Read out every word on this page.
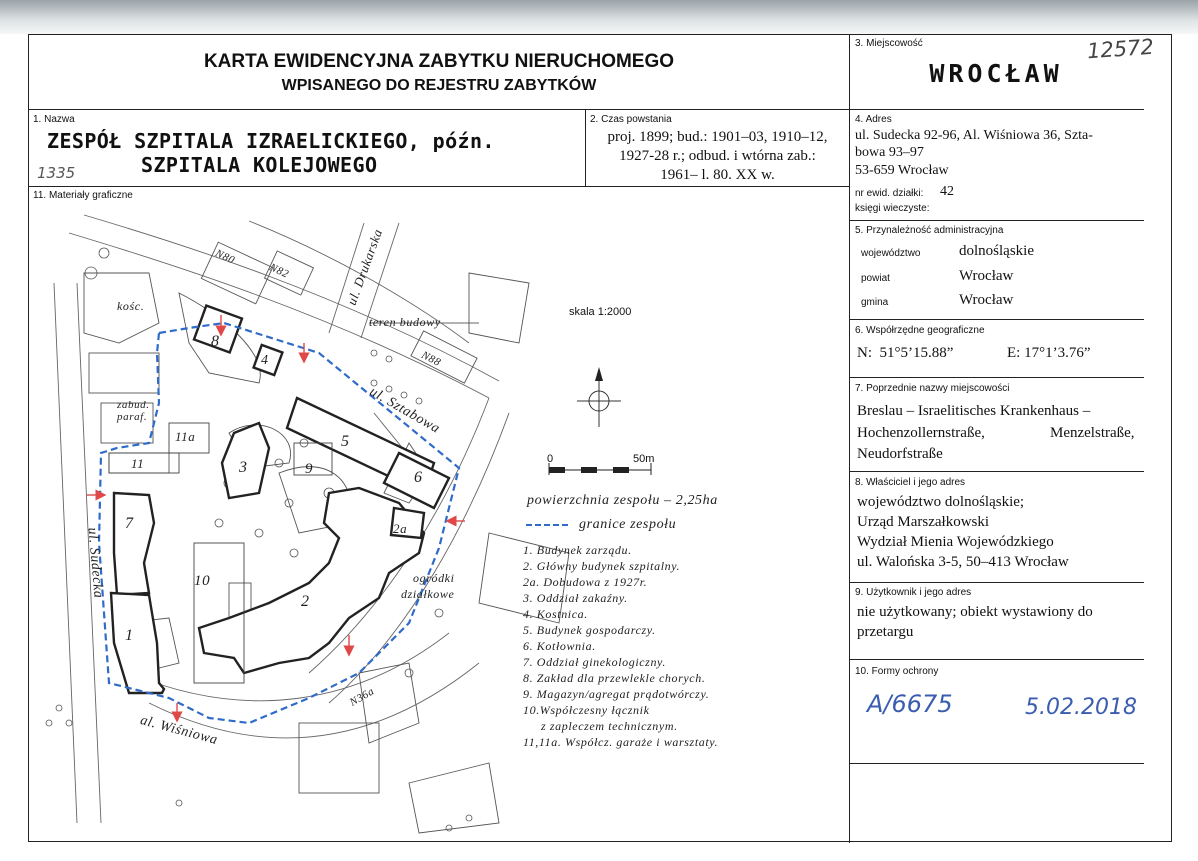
KARTA EWIDENCYJNA ZABYTKU NIERUCHOMEGO
WPISANEGO DO REJESTRU ZABYTKÓW
3. Miejscowość	12572
WROCŁAW
1. Nazwa
ZESPÓŁ SZPITALA IZRAELICKIEGO, późn.
SZPITALA KOLEJOWEGO
1335
2. Czas powstania
proj. 1899; bud.: 1901–03, 1910–12,
1927-28 r.; odbud. i wtórna zab.:
1961– l. 80. XX w.
4. Adres
ul. Sudecka 92-96, Al. Wiśniowa 36, Szta-
bowa 93–97
53-659 Wrocław
nr ewid. działki: 42
księgi wieczyste:
11. Materiały graficzne
5. Przynależność administracyjna
województwo	dolnośląskie
powiat	Wrocław
gmina	Wrocław
6. Współrzędne geograficzne
N:  51°5’15.88”	E: 17°1’3.76”
7. Poprzednie nazwy miejscowości
Breslau – Israelitisches Krankenhaus –
Hochenzollernstraße,	Menzelstraße,
Neudorfstraße
8. Właściciel i jego adres
województwo dolnośląskie;
Urząd Marszałkowski
Wydział Mienia Wojewódzkiego
ul. Walońska 3-5, 50–413 Wrocław
9. Użytkownik i jego adres
nie użytkowany; obiekt wystawiony do
przetargu
10. Formy ochrony
A/6675	5.02.2018
kośc.
zabud.
paraf.
N80
N82
N88
N36a
ul. Drukarska
ul. Sztabowa
ul. Sudecka
al. Wiśniowa
teren budowy
ogródki
działkowe
8
4
5
6
3	9
7
1
2
2a
10
11
11a
skala 1:2000
0	50m
powierzchnia zespołu – 2,25ha
granice zespołu
1. Budynek zarządu.
2. Główny budynek szpitalny.
2a. Dobudowa z 1927r.
3. Oddział zakaźny.
4. Kostnica.
5. Budynek gospodarczy.
6. Kotłownia.
7. Oddział ginekologiczny.
8. Zakład dla przewlekle chorych.
9. Magazyn/agregat prądotwórczy.
10.Współczesny łącznik
z zapleczem technicznym.
11,11a. Współcz. garaże i warsztaty.
